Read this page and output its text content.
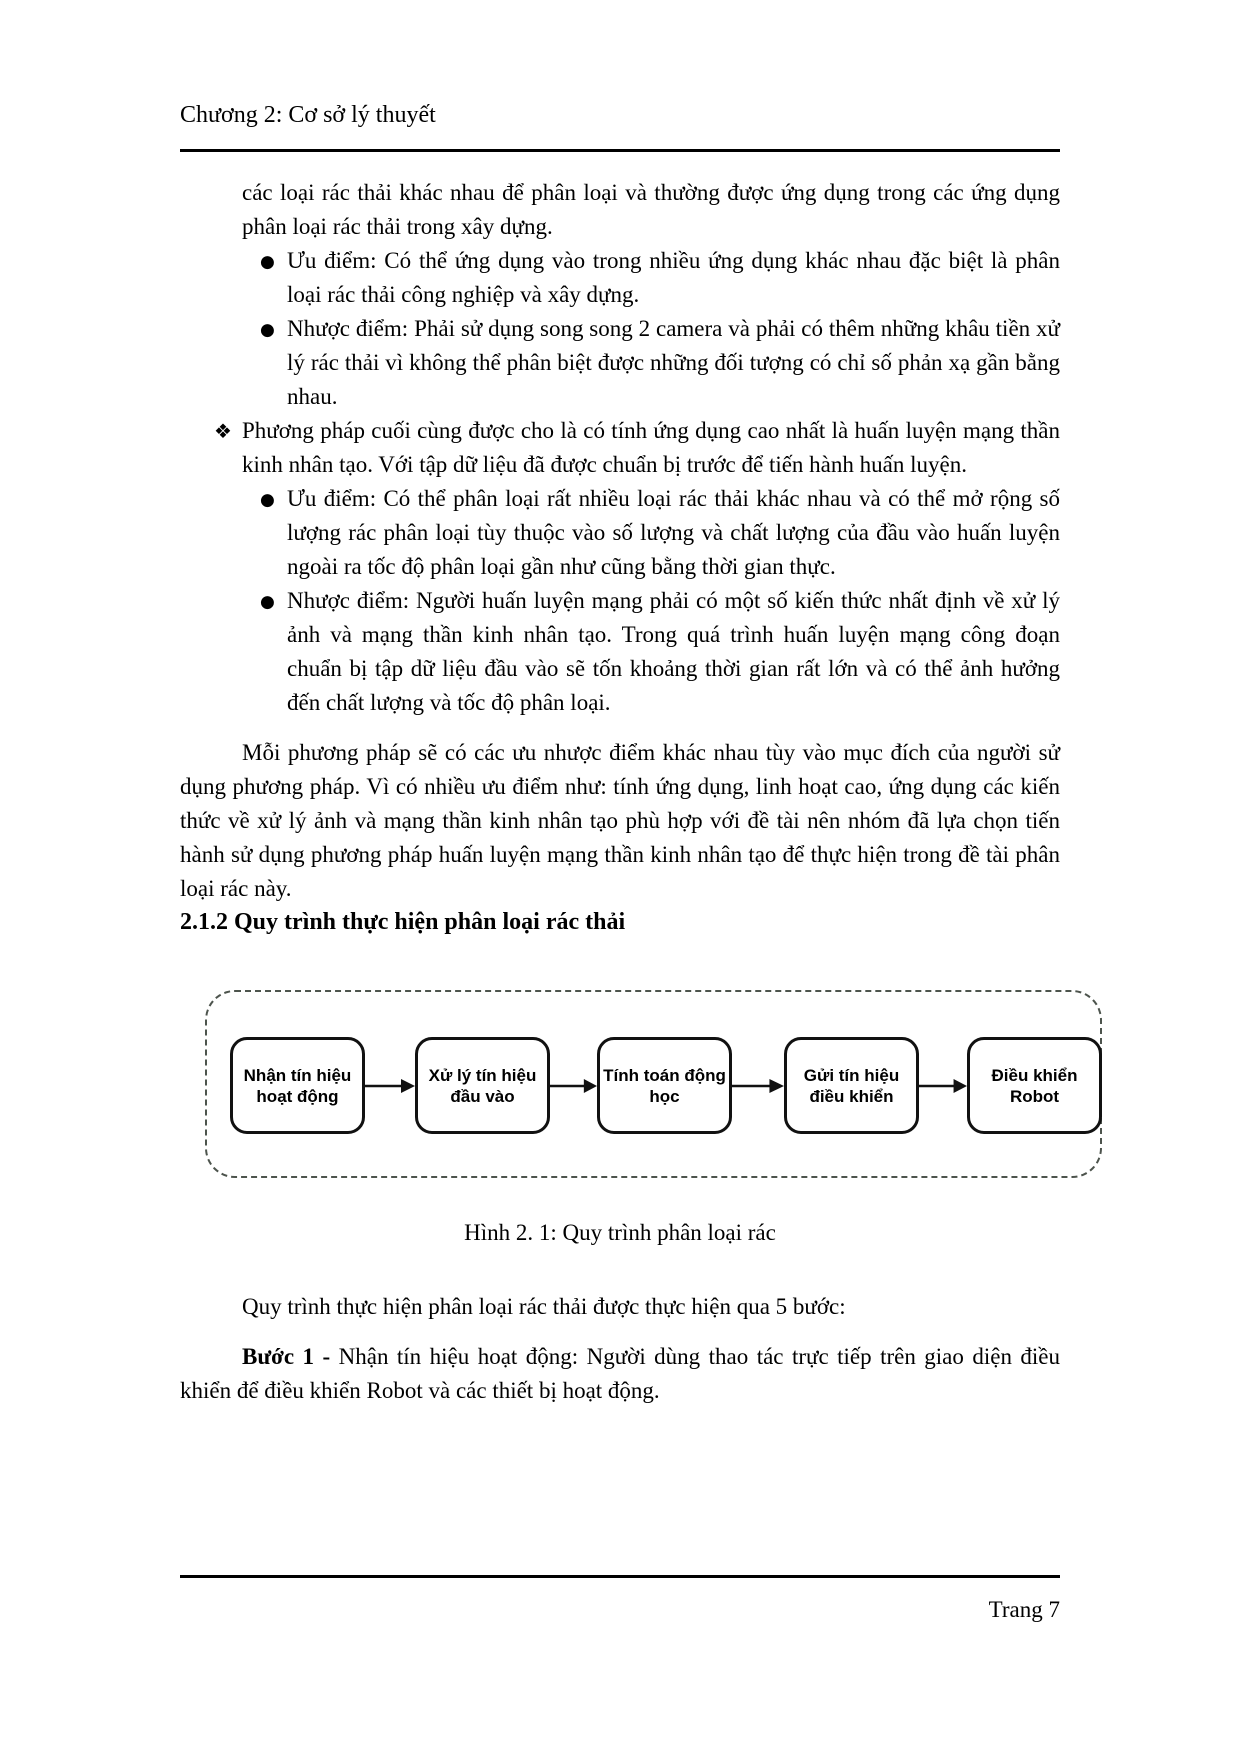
Chương 2: Cơ sở lý thuyết

các loại rác thải khác nhau để phân loại và thường được ứng dụng trong các ứng dụng phân loại rác thải trong xây dựng.

● Ưu điểm: Có thể ứng dụng vào trong nhiều ứng dụng khác nhau đặc biệt là phân loại rác thải công nghiệp và xây dựng.
● Nhược điểm: Phải sử dụng song song 2 camera và phải có thêm những khâu tiền xử lý rác thải vì không thể phân biệt được những đối tượng có chỉ số phản xạ gần bằng nhau.
❖ Phương pháp cuối cùng được cho là có tính ứng dụng cao nhất là huấn luyện mạng thần kinh nhân tạo. Với tập dữ liệu đã được chuẩn bị trước để tiến hành huấn luyện.
● Ưu điểm: Có thể phân loại rất nhiều loại rác thải khác nhau và có thể mở rộng số lượng rác phân loại tùy thuộc vào số lượng và chất lượng của đầu vào huấn luyện ngoài ra tốc độ phân loại gần như cũng bằng thời gian thực.
● Nhược điểm: Người huấn luyện mạng phải có một số kiến thức nhất định về xử lý ảnh và mạng thần kinh nhân tạo. Trong quá trình huấn luyện mạng công đoạn chuẩn bị tập dữ liệu đầu vào sẽ tốn khoảng thời gian rất lớn và có thể ảnh hưởng đến chất lượng và tốc độ phân loại.

Mỗi phương pháp sẽ có các ưu nhược điểm khác nhau tùy vào mục đích của người sử dụng phương pháp. Vì có nhiều ưu điểm như: tính ứng dụng, linh hoạt cao, ứng dụng các kiến thức về xử lý ảnh và mạng thần kinh nhân tạo phù hợp với đề tài nên nhóm đã lựa chọn tiến hành sử dụng phương pháp huấn luyện mạng thần kinh nhân tạo để thực hiện trong đề tài phân loại rác này.

2.1.2 Quy trình thực hiện phân loại rác thải

Nhận tín hiệu
hoạt động
Xử lý tín hiệu
đầu vào
Tính toán động
học
Gửi tín hiệu
điều khiển
Điều khiển
Robot

Hình 2. 1: Quy trình phân loại rác

Quy trình thực hiện phân loại rác thải được thực hiện qua 5 bước:

Bước 1 - Nhận tín hiệu hoạt động: Người dùng thao tác trực tiếp trên giao diện điều khiển để điều khiển Robot và các thiết bị hoạt động.

Trang 7
